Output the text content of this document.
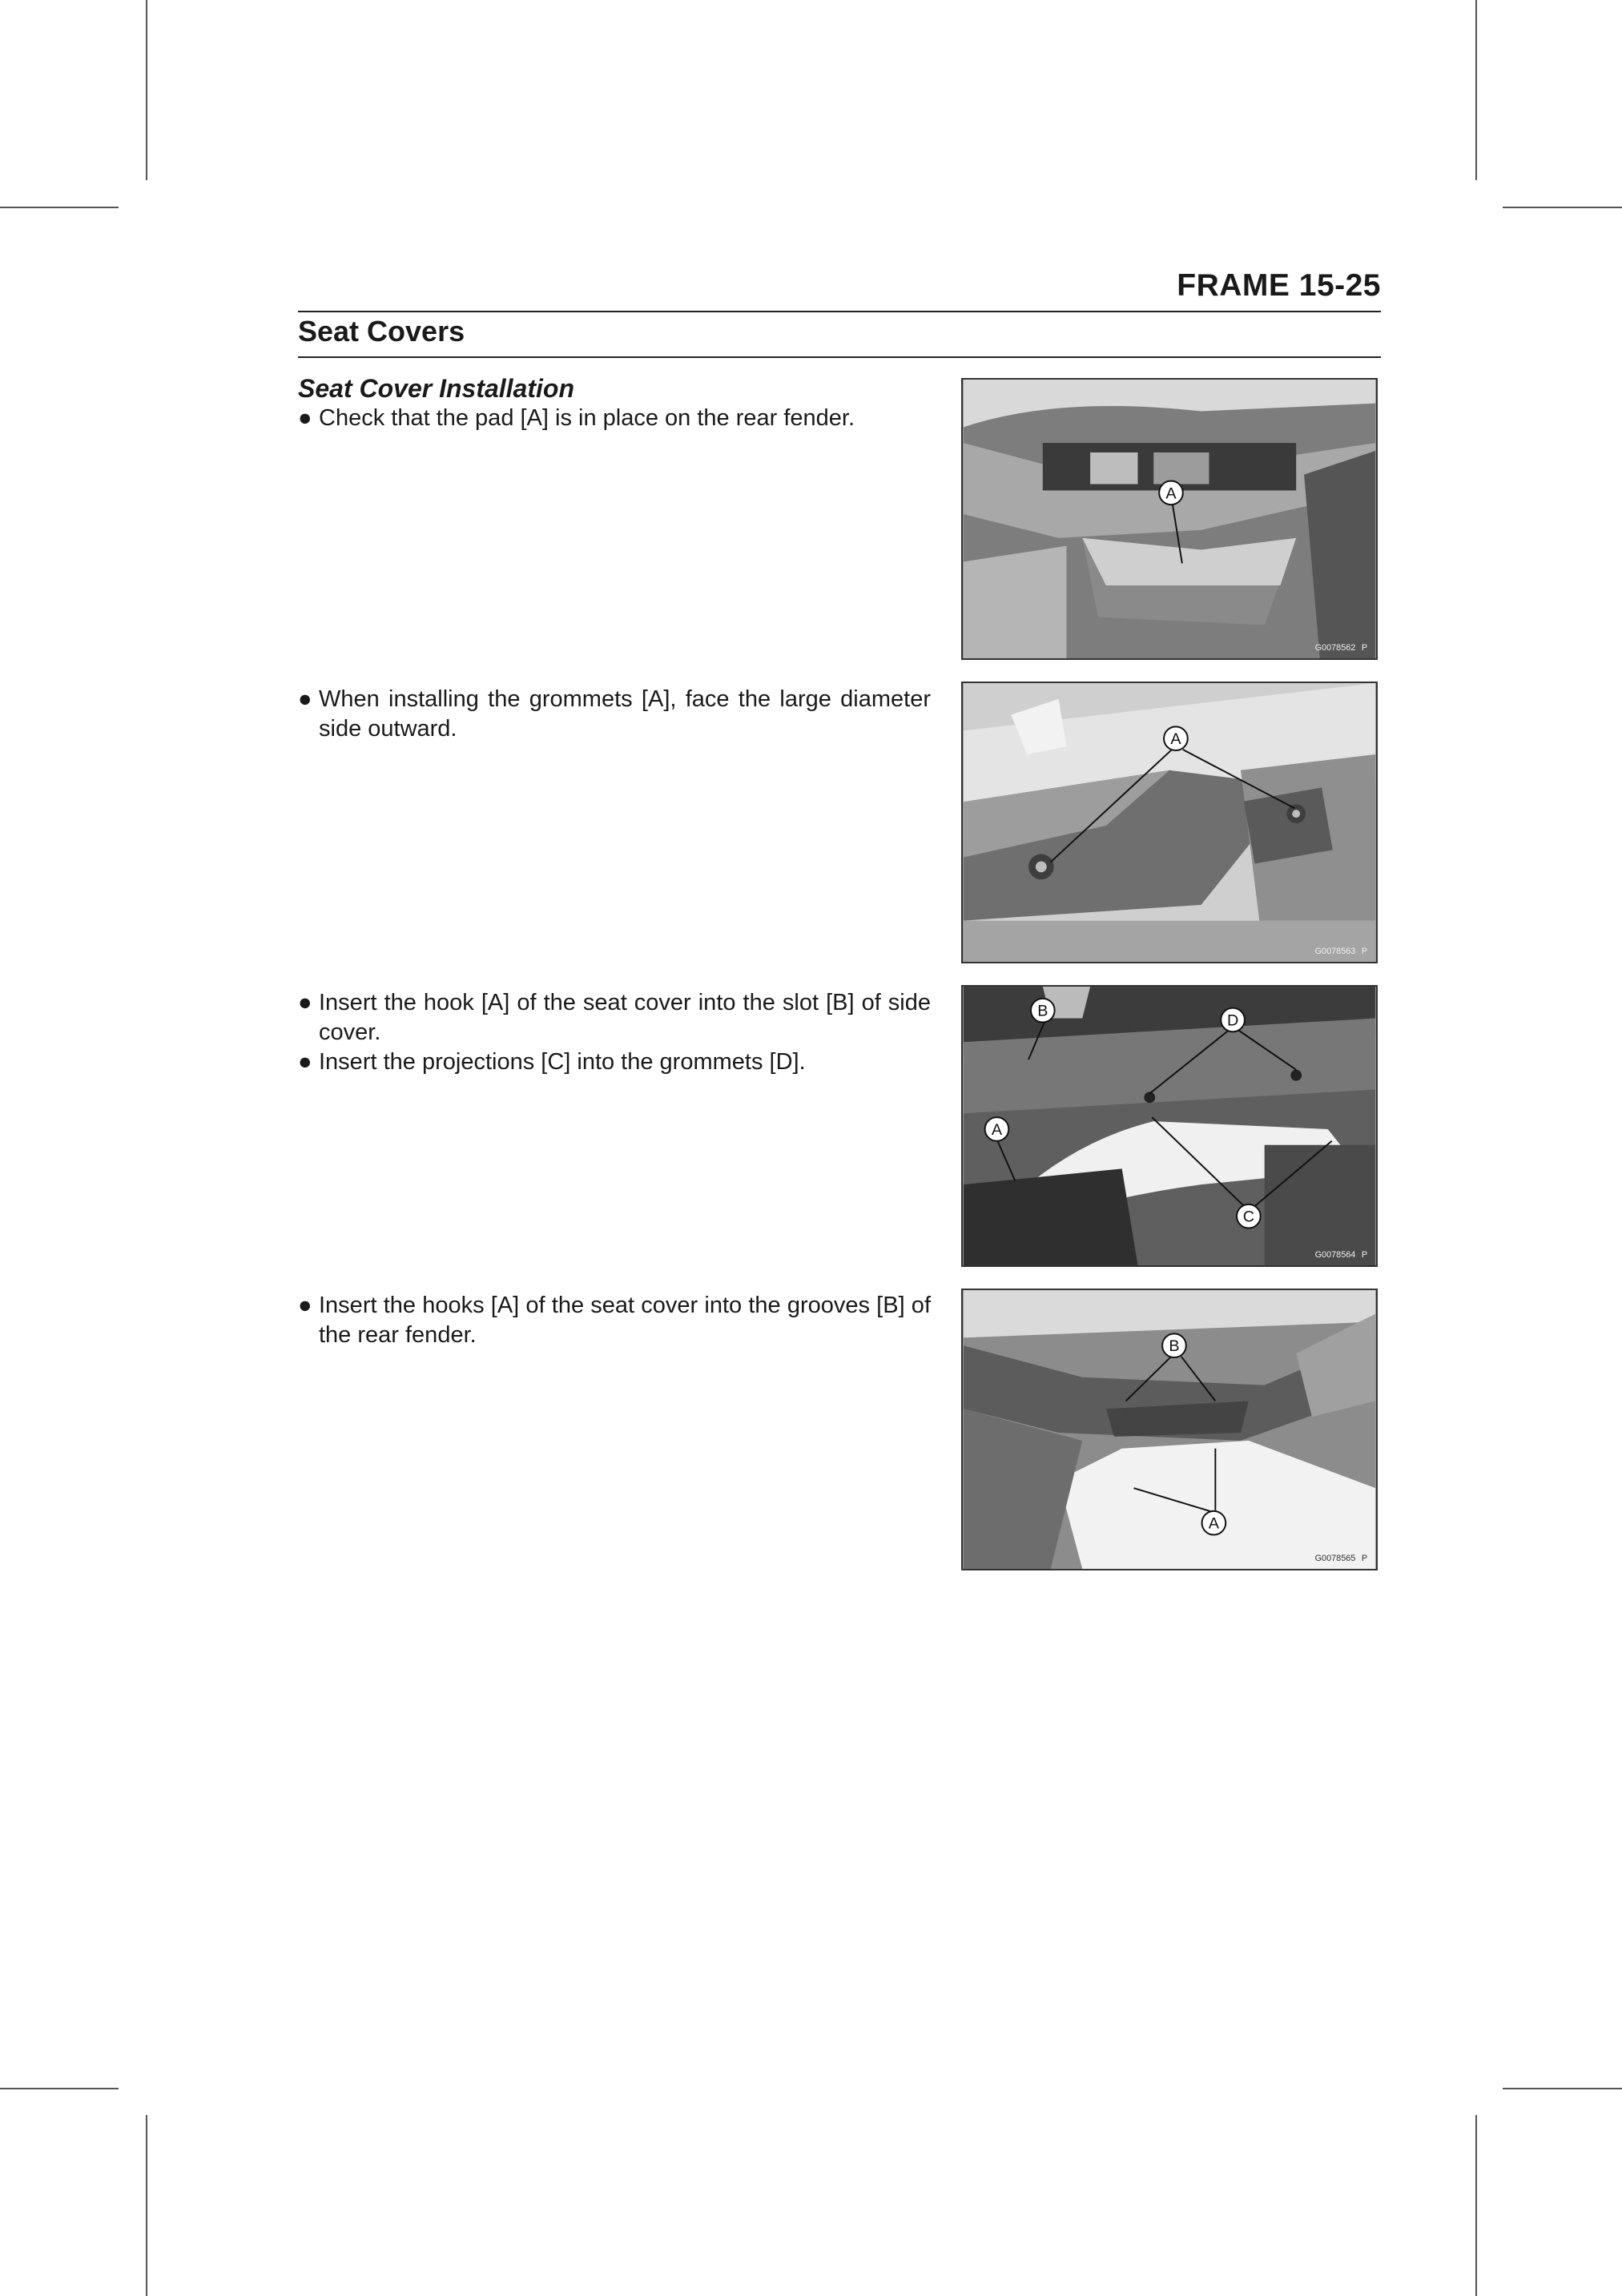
FRAME 15-25
Seat Covers
Seat Cover Installation
● Check that the pad [A] is in place on the rear fender.
A
G0078562 P
● When installing the grommets [A], face the large diameter side outward.	A
G0078563 P
● Insert the hook [A] of the seat cover into the slot [B] of side cover.
● Insert the projections [C] into the grommets [D].
B
D
A
C
G0078564 P
● Insert the hooks [A] of the seat cover into the grooves [B] of the rear fender.	B
A
G0078565 P
